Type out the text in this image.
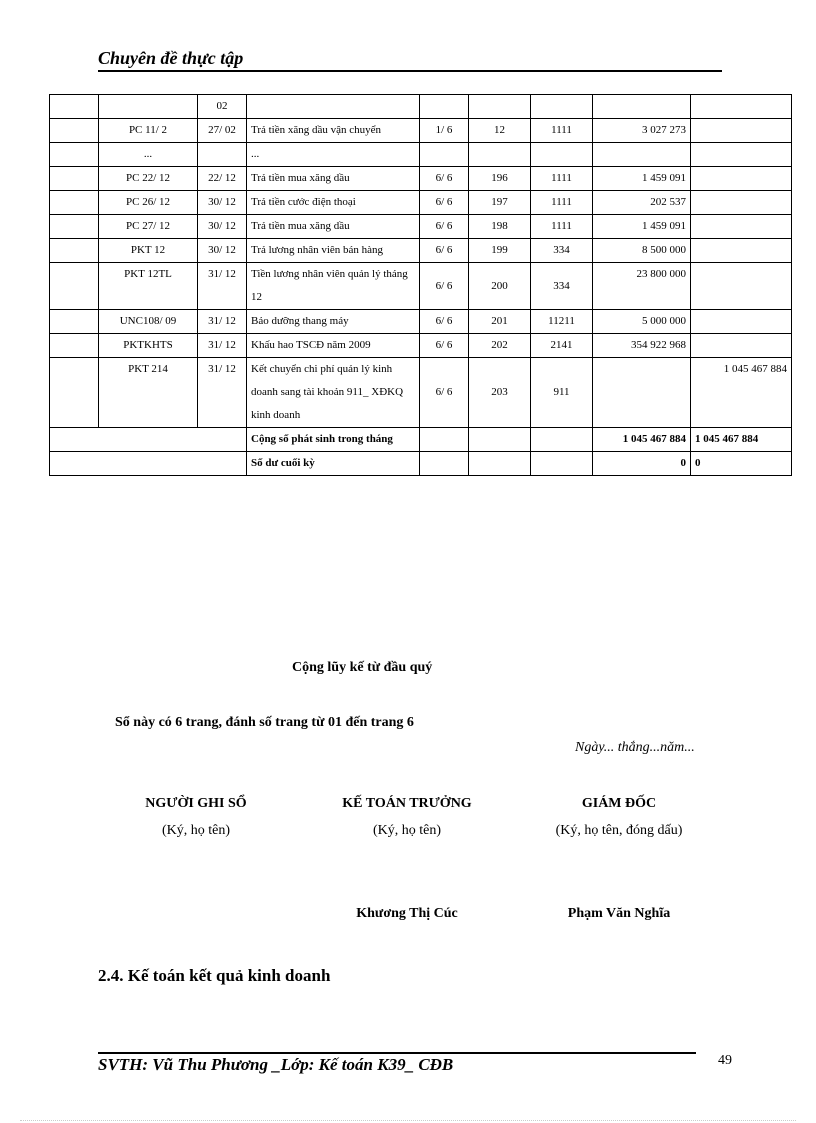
Chuyên đề thực tập
		02						
	PC 11/ 2	27/ 02	Trả tiền xăng dầu vận chuyển	1/ 6	12	1111	3 027 273	
	...		...					
	PC 22/ 12	22/ 12	Trả tiền mua xăng dầu	6/ 6	196	1111	1 459 091	
	PC 26/ 12	30/ 12	Trả tiền cước điện thoại	6/ 6	197	1111	202 537	
	PC 27/ 12	30/ 12	Trả tiền mua xăng dầu	6/ 6	198	1111	1 459 091	
	PKT 12	30/ 12	Trả lương nhân viên bán hàng	6/ 6	199	334	8 500 000	
	PKT 12TL	31/ 12	Tiền lương nhân viên quản lý tháng 12	6/ 6	200	334	23 800 000	
	UNC108/ 09	31/ 12	Bảo dưỡng thang máy	6/ 6	201	11211	5 000 000	
	PKTKHTS	31/ 12	Khấu hao TSCĐ năm 2009	6/ 6	202	2141	354 922 968	
	PKT 214	31/ 12	Kết chuyển chi phí quản lý kinh doanh sang tài khoản 911_ XĐKQ kinh doanh	6/ 6	203	911		1 045 467 884
			Cộng số phát sinh trong tháng				1 045 467 884	1 045 467 884
			Số dư cuối kỳ				0	0
Cộng lũy kế từ đầu quý
Sổ này có 6 trang, đánh số trang từ 01 đến trang 6
Ngày... thắng...năm...
NGƯỜI GHI SỔ
(Ký, họ tên)
KẾ TOÁN TRƯỞNG
(Ký, họ tên)
Khương Thị Cúc
GIÁM ĐỐC
(Ký, họ tên, đóng dấu)
Phạm Văn Nghĩa
2.4. Kế toán kết quả kinh doanh
SVTH: Vũ Thu Phương _Lớp: Kế toán K39_ CĐB	49
